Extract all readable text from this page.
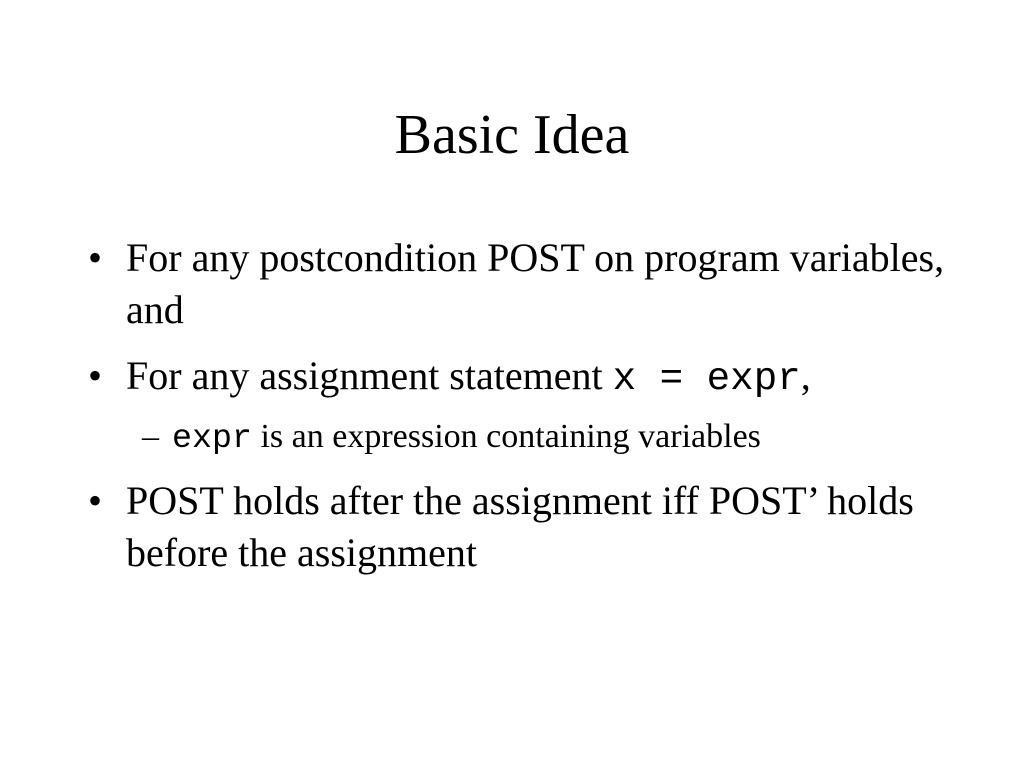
Basic Idea
• For any postcondition POST on program variables, and
• For any assignment statement x = expr,
– expr is an expression containing variables
• POST holds after the assignment iff POST’ holds before the assignment
